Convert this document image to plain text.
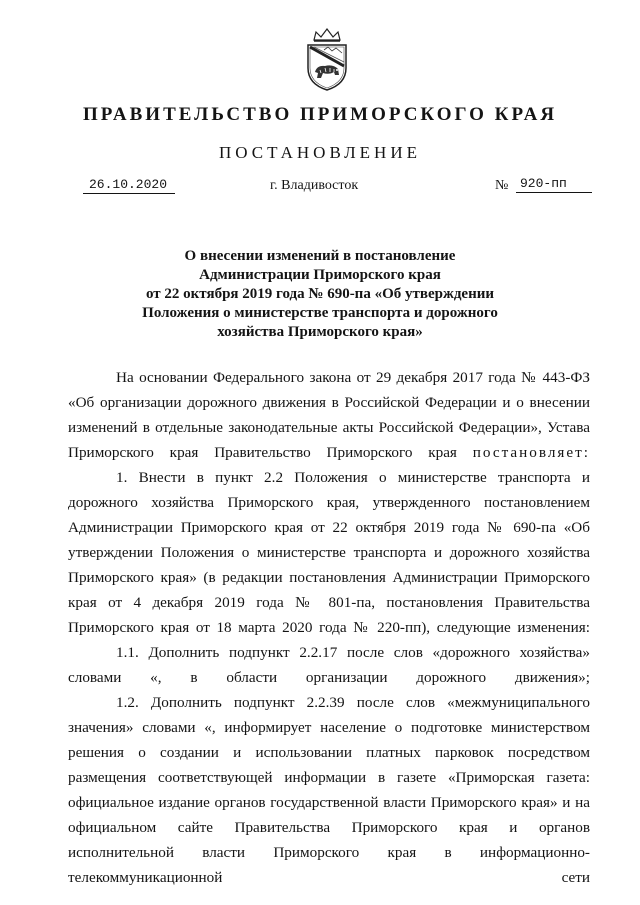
ПРАВИТЕЛЬСТВО ПРИМОРСКОГО КРАЯ
ПОСТАНОВЛЕНИЕ
26.10.2020	г. Владивосток	№ 920-пп
О внесении изменений в постановление
Администрации Приморского края
от 22 октября 2019 года № 690-па «Об утверждении
Положения о министерстве транспорта и дорожного
хозяйства Приморского края»

На основании Федерального закона от 29 декабря 2017 года № 443-ФЗ «Об организации дорожного движения в Российской Федерации и о внесении изменений в отдельные законодательные акты Российской Федерации», Устава Приморского края Правительство Приморского края постановляет:

1. Внести в пункт 2.2 Положения о министерстве транспорта и дорожного хозяйства Приморского края, утвержденного постановлением Администрации Приморского края от 22 октября 2019 года № 690-па «Об утверждении Положения о министерстве транспорта и дорожного хозяйства Приморского края» (в редакции постановления Администрации Приморского края от 4 декабря 2019 года № 801-па, постановления Правительства Приморского края от 18 марта 2020 года № 220-пп), следующие изменения:

1.1. Дополнить подпункт 2.2.17 после слов «дорожного хозяйства» словами «, в области организации дорожного движения»;

1.2. Дополнить подпункт 2.2.39 после слов «межмуниципального значения» словами «, информирует население о подготовке министерством решения о создании и использовании платных парковок посредством размещения соответствующей информации в газете «Приморская газета: официальное издание органов государственной власти Приморского края» и на официальном сайте Правительства Приморского края и органов исполнительной власти Приморского края в информационно-телекоммуникационной сети
